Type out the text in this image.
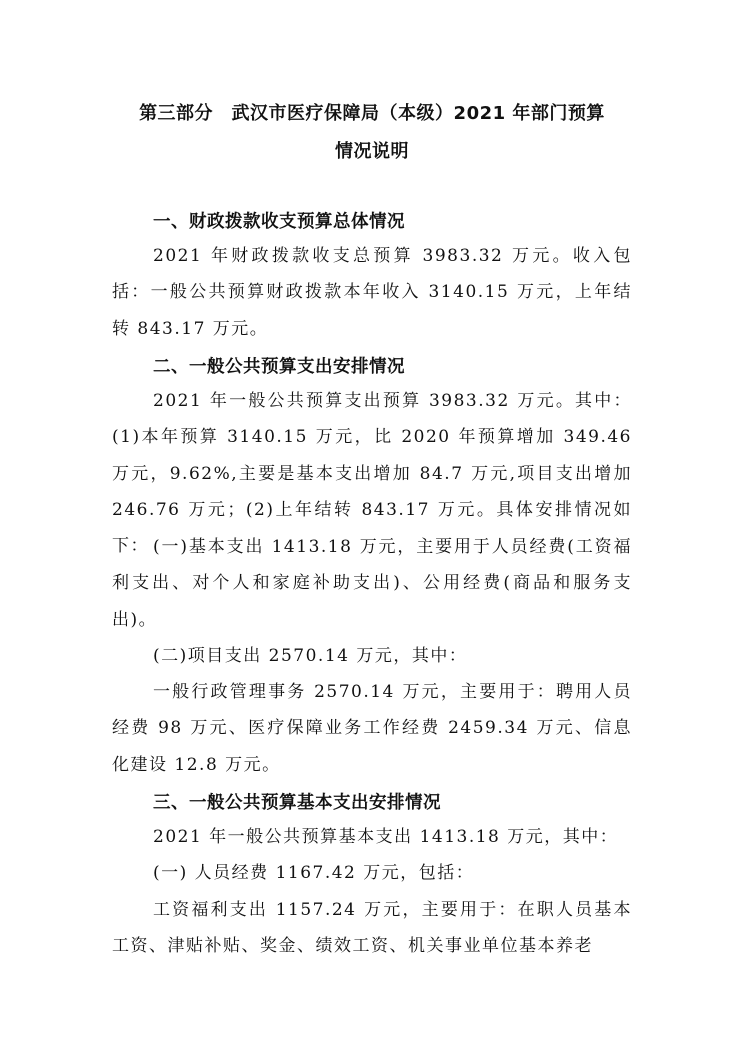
第三部分　武汉市医疗保障局（本级）2021 年部门预算
情况说明
一、财政拨款收支预算总体情况

2021 年财政拨款收支总预算 3983.32 万元。收入包括：一般公共预算财政拨款本年收入 3140.15 万元，上年结转 843.17 万元。

二、一般公共预算支出安排情况

2021 年一般公共预算支出预算 3983.32 万元。其中：(1)本年预算 3140.15 万元，比 2020 年预算增加 349.46 万元，9.62%,主要是基本支出增加 84.7 万元,项目支出增加 246.76 万元；(2)上年结转 843.17 万元。具体安排情况如下： (一)基本支出 1413.18 万元，主要用于人员经费(工资福利支出、对个人和家庭补助支出)、公用经费(商品和服务支出)。

(二)项目支出 2570.14 万元，其中：

一般行政管理事务 2570.14 万元，主要用于：聘用人员经费 98 万元、医疗保障业务工作经费 2459.34 万元、信息化建设 12.8 万元。

三、一般公共预算基本支出安排情况

2021 年一般公共预算基本支出 1413.18 万元，其中：

(一) 人员经费 1167.42 万元，包括：

工资福利支出 1157.24 万元，主要用于：在职人员基本工资、津贴补贴、奖金、绩效工资、机关事业单位基本养老
